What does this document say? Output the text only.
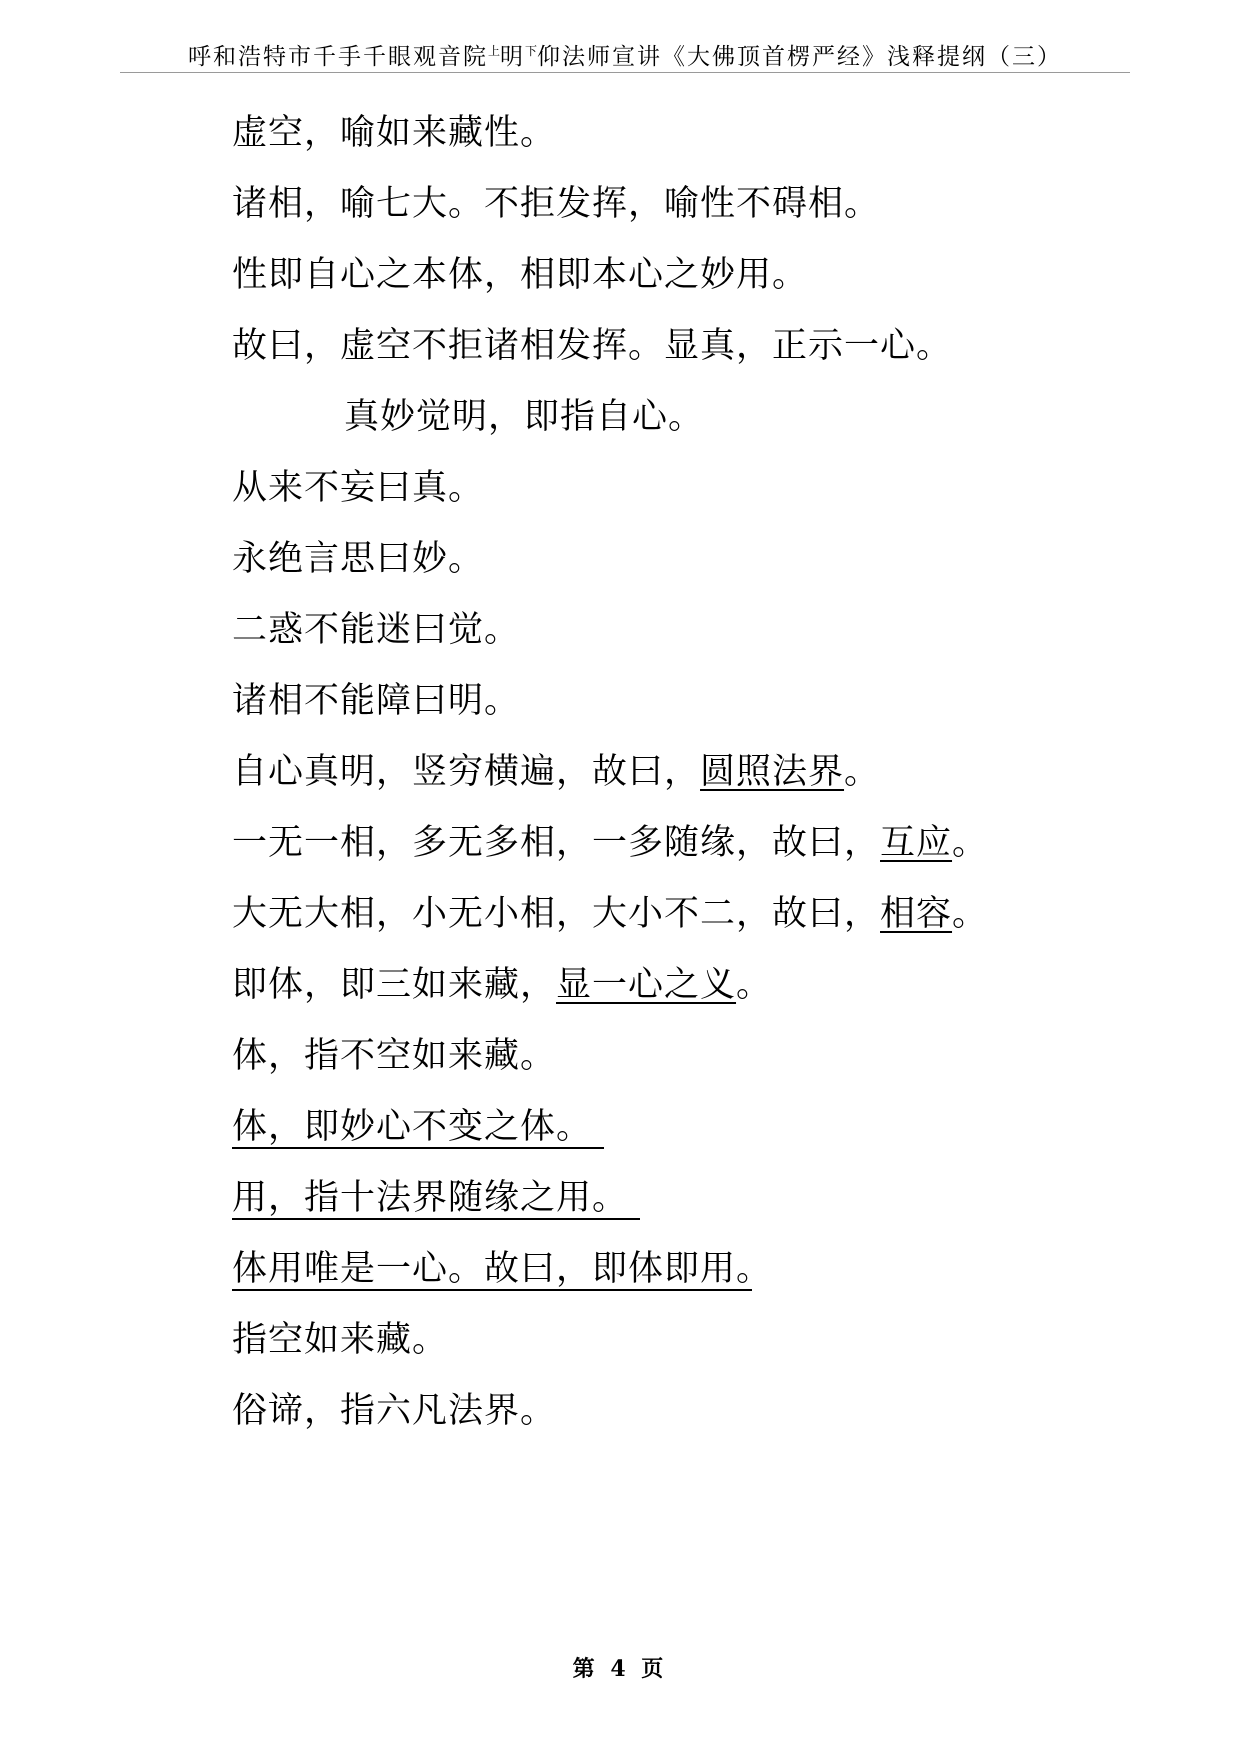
呼和浩特市千手千眼观音院$^上$明$^下$仰法师宣讲《大佛顶首楞严经》浅释提纲（三）
虚空，喻如来藏性。
诸相，喻七大。不拒发挥，喻性不碍相。
性即自心之本体，相即本心之妙用。
故曰，虚空不拒诸相发挥。显真，正示一心。
真妙觉明，即指自心。
从来不妄曰真。
永绝言思曰妙。
二惑不能迷曰觉。
诸相不能障曰明。
自心真明，竖穷横遍，故曰，圆照法界。
一无一相，多无多相，一多随缘，故曰，互应。
大无大相，小无小相，大小不二，故曰，相容。
即体，即三如来藏，显一心之义。
体，指不空如来藏。
体，即妙心不变之体。
用，指十法界随缘之用。
体用唯是一心。故曰，即体即用。
指空如来藏。
俗谛，指六凡法界。
第 4 页
